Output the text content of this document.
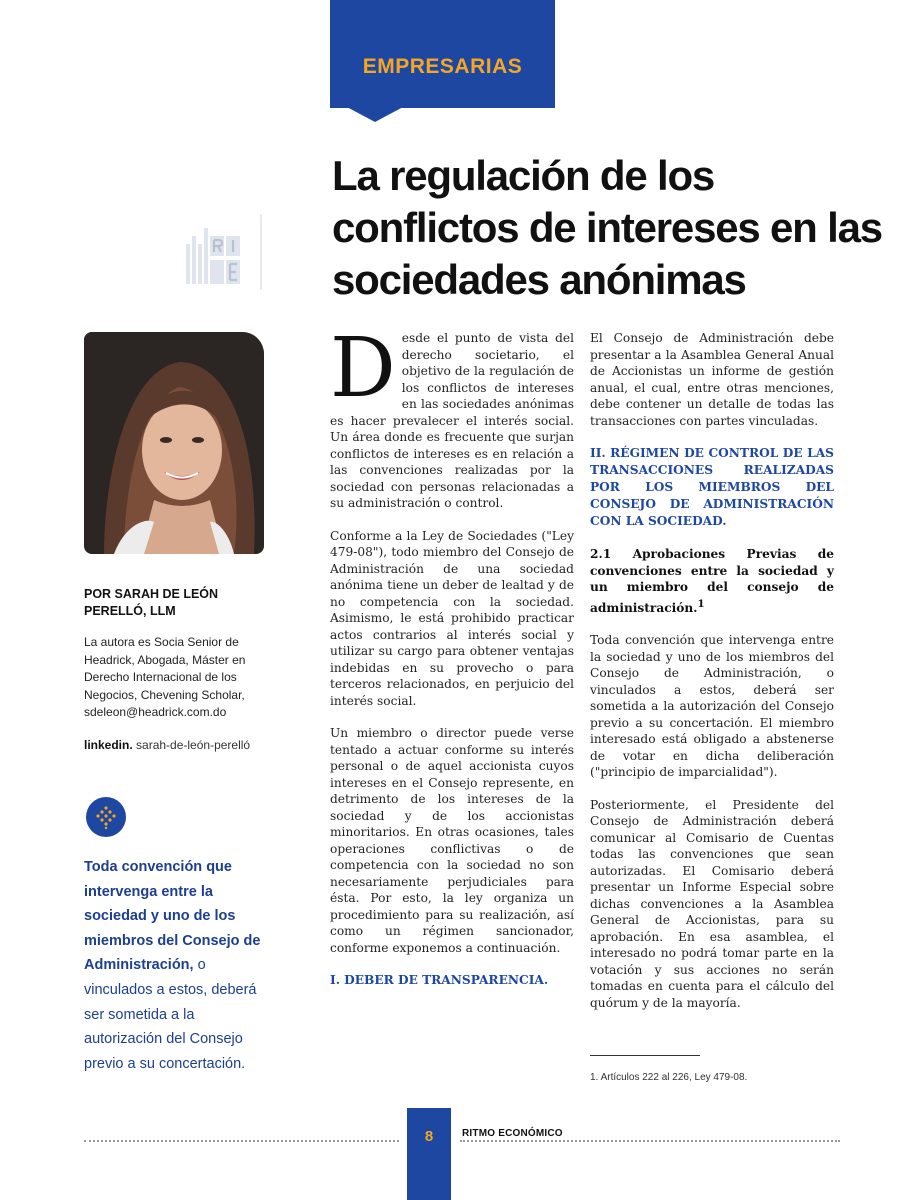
EMPRESARIAS
La regulación de los conflictos de intereses en las sociedades anónimas

POR SARAH DE LEÓN PERELLÓ, LLM

La autora es Socia Senior de Headrick, Abogada, Máster en Derecho Internacional de los Negocios, Chevening Scholar, sdeleon@headrick.com.do

linkedin. sarah-de-león-perelló

Toda convención que intervenga entre la sociedad y uno de los miembros del Consejo de Administración, o vinculados a estos, deberá ser sometida a la autorización del Consejo previo a su concertación.

Desde el punto de vista del derecho societario, el objetivo de la regulación de los conflictos de intereses en las sociedades anónimas es hacer prevalecer el interés social. Un área donde es frecuente que surjan conflictos de intereses es en relación a las convenciones realizadas por la sociedad con personas relacionadas a su administración o control.

Conforme a la Ley de Sociedades ("Ley 479-08"), todo miembro del Consejo de Administración de una sociedad anónima tiene un deber de lealtad y de no competencia con la sociedad. Asimismo, le está prohibido practicar actos contrarios al interés social y utilizar su cargo para obtener ventajas indebidas en su provecho o para terceros relacionados, en perjuicio del interés social.

Un miembro o director puede verse tentado a actuar conforme su interés personal o de aquel accionista cuyos intereses en el Consejo represente, en detrimento de los intereses de la sociedad y de los accionistas minoritarios. En otras ocasiones, tales operaciones conflictivas o de competencia con la sociedad no son necesariamente perjudiciales para ésta. Por esto, la ley organiza un procedimiento para su realización, así como un régimen sancionador, conforme exponemos a continuación.

I. DEBER DE TRANSPARENCIA.

El Consejo de Administración debe presentar a la Asamblea General Anual de Accionistas un informe de gestión anual, el cual, entre otras menciones, debe contener un detalle de todas las transacciones con partes vinculadas.

II. RÉGIMEN DE CONTROL DE LAS TRANSACCIONES REALIZADAS POR LOS MIEMBROS DEL CONSEJO DE ADMINISTRACIÓN CON LA SOCIEDAD.
2.1 Aprobaciones Previas de convenciones entre la sociedad y un miembro del consejo de administración.$^1$

Toda convención que intervenga entre la sociedad y uno de los miembros del Consejo de Administración, o vinculados a estos, deberá ser sometida a la autorización del Consejo previo a su concertación. El miembro interesado está obligado a abstenerse de votar en dicha deliberación ("principio de imparcialidad").

Posteriormente, el Presidente del Consejo de Administración deberá comunicar al Comisario de Cuentas todas las convenciones que sean autorizadas. El Comisario deberá presentar un Informe Especial sobre dichas convenciones a la Asamblea General de Accionistas, para su aprobación. En esa asamblea, el interesado no podrá tomar parte en la votación y sus acciones no serán tomadas en cuenta para el cálculo del quórum y de la mayoría.

1. Artículos 222 al 226, Ley 479-08.
8	RITMO ECONÓMICO
